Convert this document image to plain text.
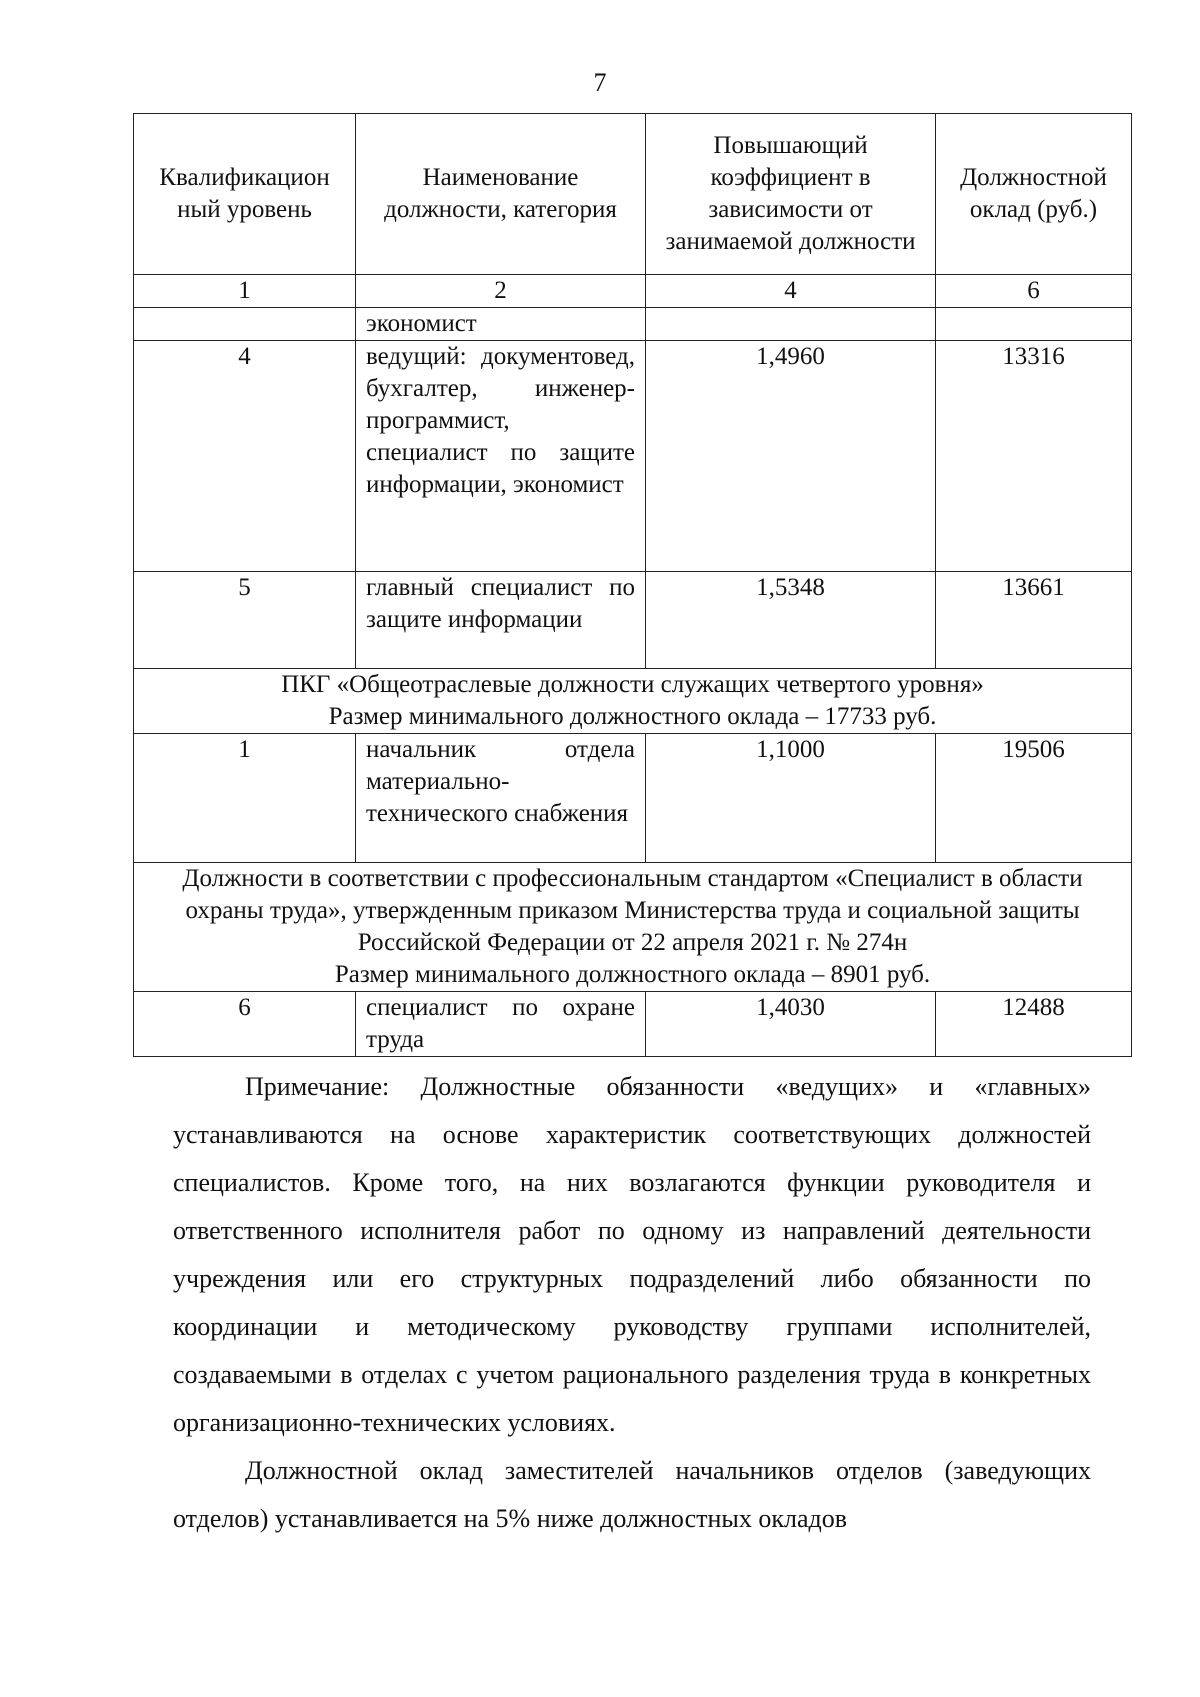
7
Квалификацион ный уровень	Наименование должности, категория	Повышающий коэффициент в зависимости от занимаемой должности	Должностной оклад (руб.)
1	2	4	6
	экономист		
4	ведущий: документовед, бухгалтер, инженер-программист, специалист по защите информации, экономист	1,4960	13316
5	главный специалист по защите информации	1,5348	13661

ПКГ «Общеотраслевые должности служащих четвертого уровня»
Размер минимального должностного оклада – 17733 руб.			

1	начальник отдела материально-технического снабжения	1,1000	19506

Должности в соответствии с профессиональным стандартом «Специалист в области охраны труда», утвержденным приказом Министерства труда и социальной защиты Российской Федерации от 22 апреля 2021 г. № 274н
Размер минимального должностного оклада – 8901 руб.			

6	специалист по охране труда	1,4030	12488

Примечание: Должностные обязанности «ведущих» и «главных» устанавливаются на основе характеристик соответствующих должностей специалистов. Кроме того, на них возлагаются функции руководителя и ответственного исполнителя работ по одному из направлений деятельности учреждения или его структурных подразделений либо обязанности по координации и методическому руководству группами исполнителей, создаваемыми в отделах с учетом рационального разделения труда в конкретных организационно-технических условиях.

Должностной оклад заместителей начальников отделов (заведующих отделов) устанавливается на 5% ниже должностных окладов
